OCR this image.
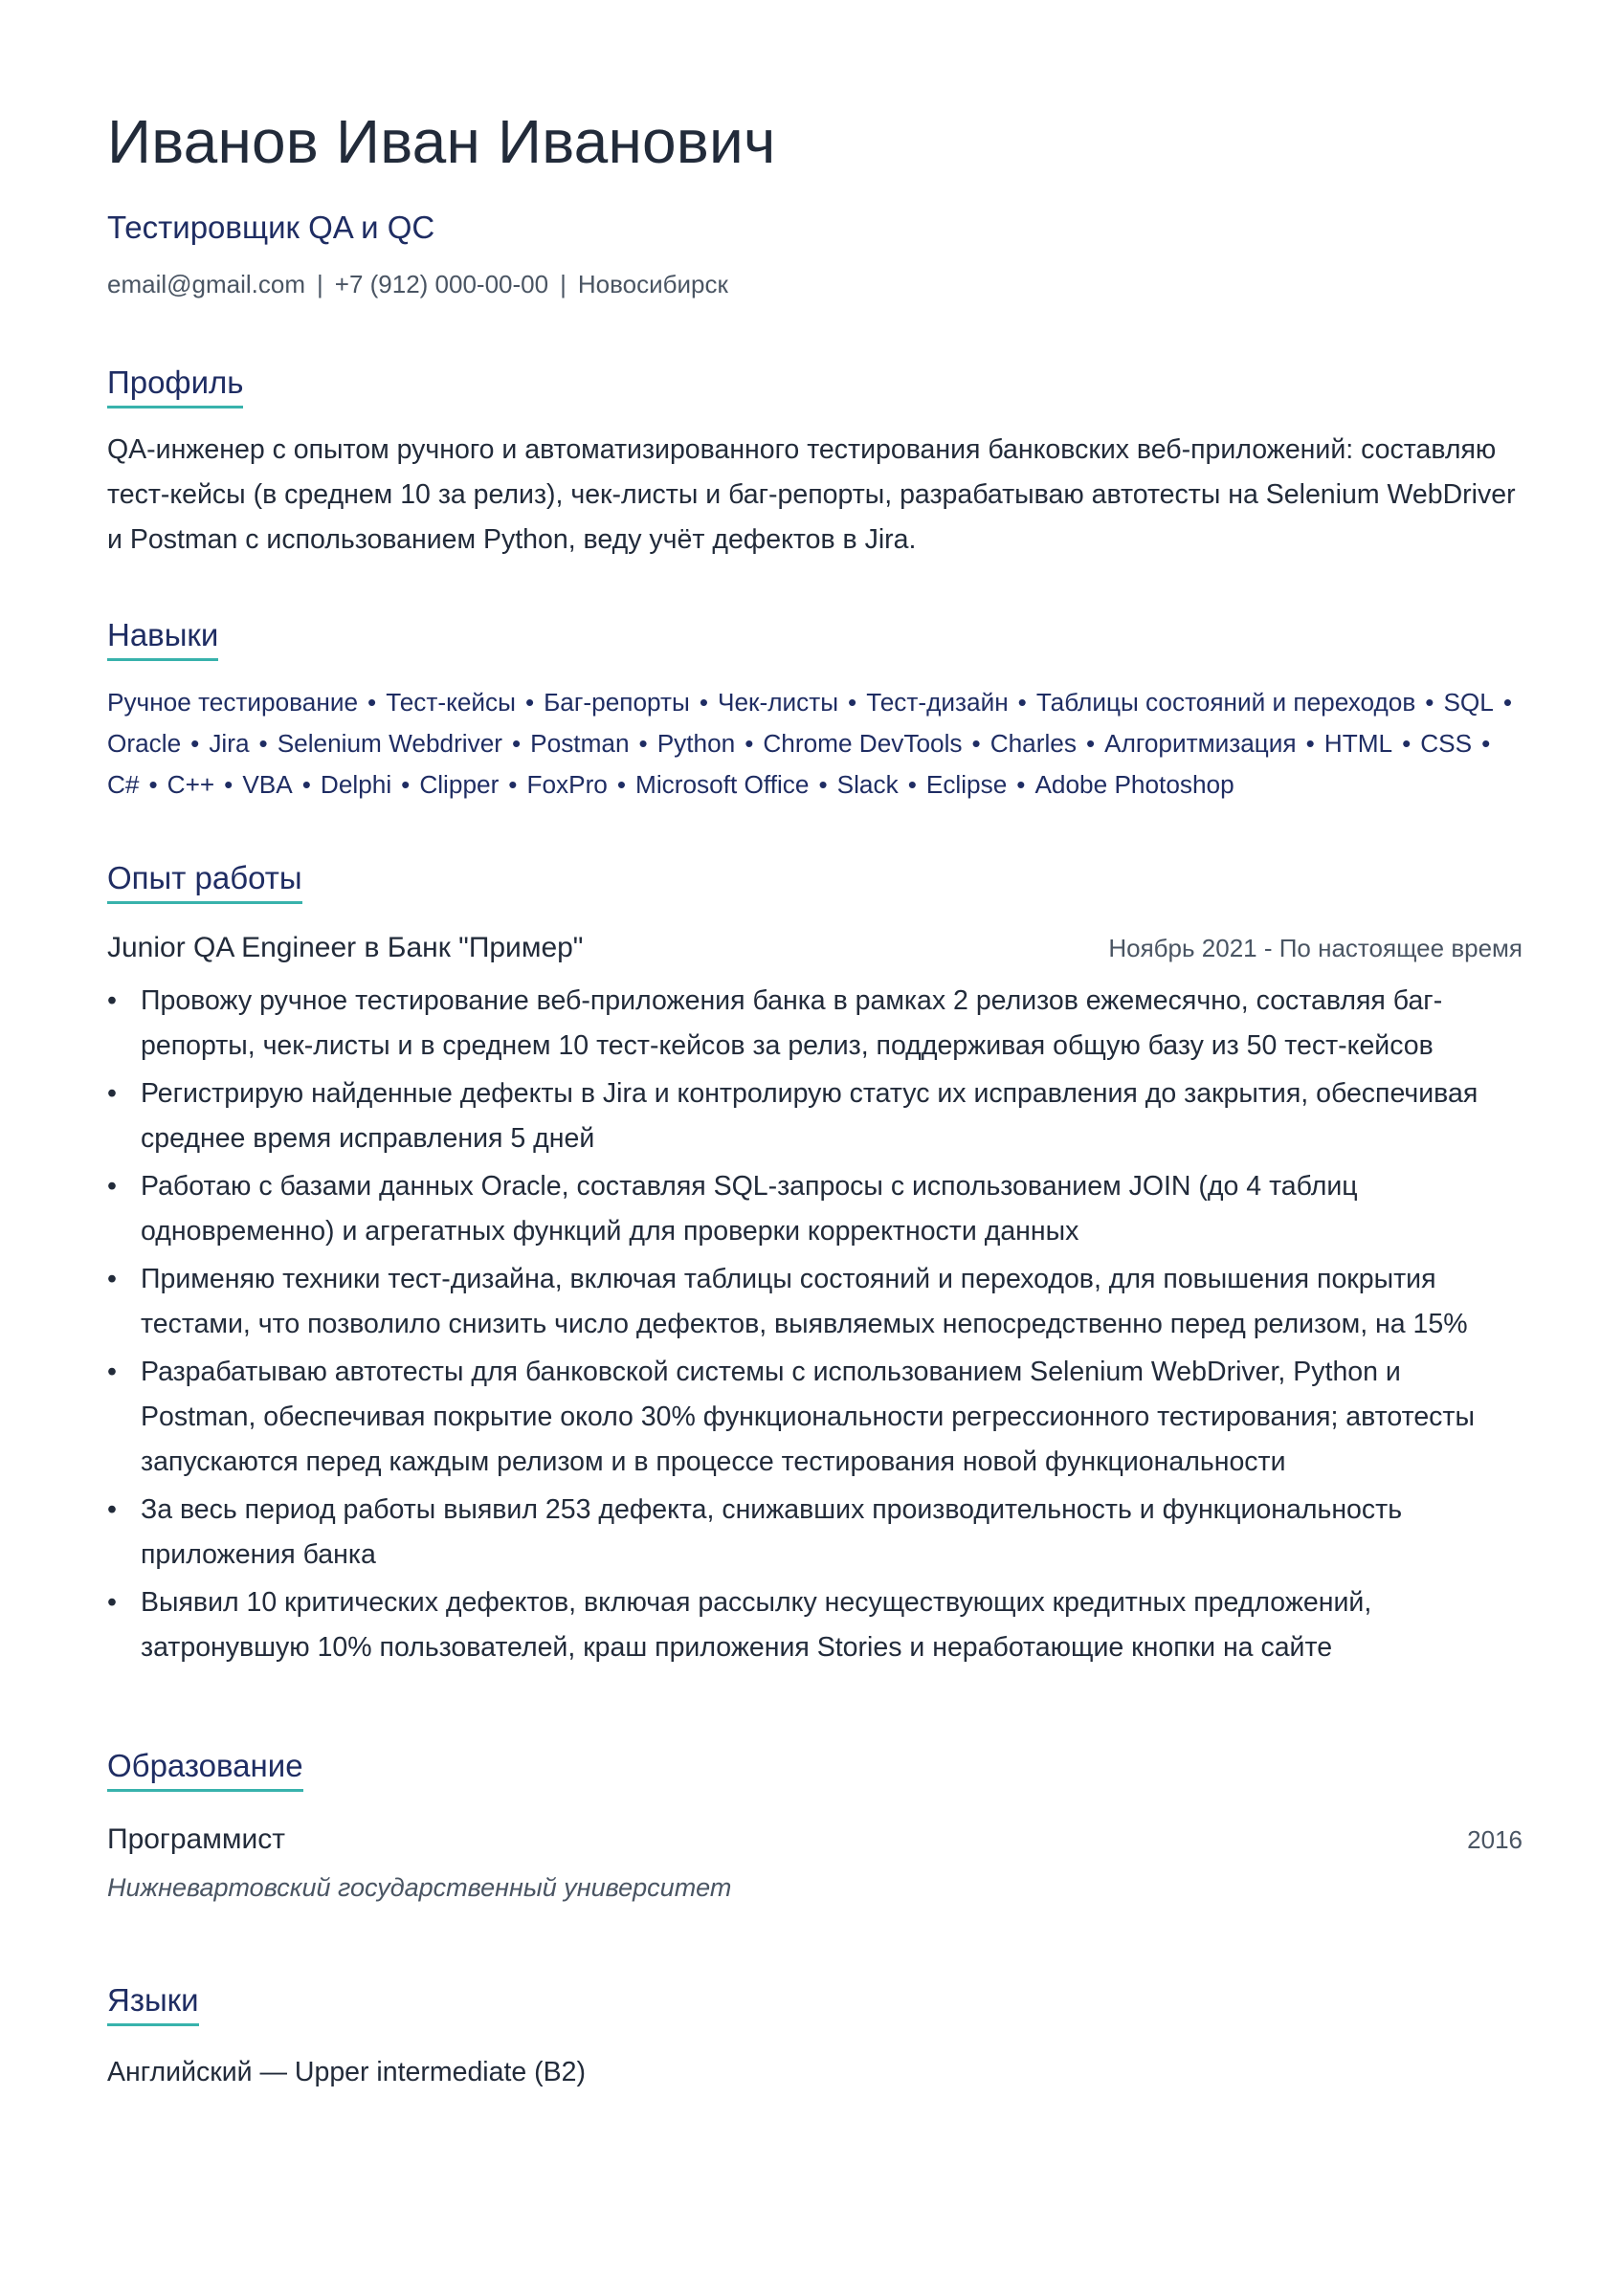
Иванов Иван Иванович
Тестировщик QA и QC
email@gmail.com | +7 (912) 000-00-00 | Новосибирск
Профиль
QA-инженер с опытом ручного и автоматизированного тестирования банковских веб-приложений: составляю тест-кейсы (в среднем 10 за релиз), чек-листы и баг-репорты, разрабатываю автотесты на Selenium WebDriver и Postman с использованием Python, веду учёт дефектов в Jira.
Навыки
Ручное тестирование • Тест-кейсы • Баг-репорты • Чек-листы • Тест-дизайн • Таблицы состояний и переходов • SQL •Oracle • Jira • Selenium Webdriver • Postman • Python • Chrome DevTools • Charles • Алгоритмизация • HTML • CSS •C# • C++ • VBA • Delphi • Clipper • FoxPro • Microsoft Office • Slack • Eclipse • Adobe Photoshop
Опыт работы
Junior QA Engineer в Банк "Пример"	Ноябрь 2021 - По настоящее время
• Провожу ручное тестирование веб-приложения банка в рамках 2 релизов ежемесячно, составляя баг-репорты, чек-листы и в среднем 10 тест-кейсов за релиз, поддерживая общую базу из 50 тест-кейсов
• Регистрирую найденные дефекты в Jira и контролирую статус их исправления до закрытия, обеспечивая среднее время исправления 5 дней
• Работаю с базами данных Oracle, составляя SQL-запросы с использованием JOIN (до 4 таблиц одновременно) и агрегатных функций для проверки корректности данных
• Применяю техники тест-дизайна, включая таблицы состояний и переходов, для повышения покрытия тестами, что позволило снизить число дефектов, выявляемых непосредственно перед релизом, на 15%
• Разрабатываю автотесты для банковской системы с использованием Selenium WebDriver, Python и Postman, обеспечивая покрытие около 30% функциональности регрессионного тестирования; автотесты запускаются перед каждым релизом и в процессе тестирования новой функциональности
• За весь период работы выявил 253 дефекта, снижавших производительность и функциональность приложения банка
• Выявил 10 критических дефектов, включая рассылку несуществующих кредитных предложений, затронувшую 10% пользователей, краш приложения Stories и неработающие кнопки на сайте
Образование
Программист	2016
Нижневартовский государственный университет
Языки
Английский — Upper intermediate (B2)
